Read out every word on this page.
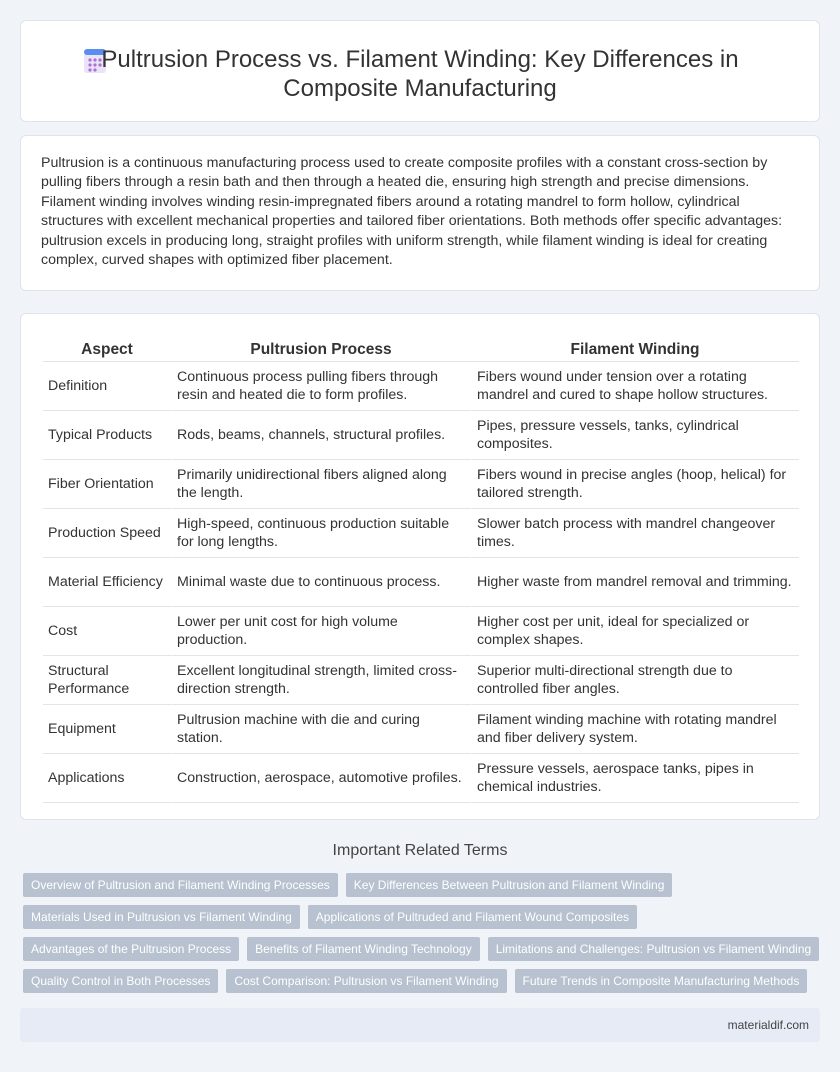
Pultrusion Process vs. Filament Winding: Key Differences in Composite Manufacturing

Pultrusion is a continuous manufacturing process used to create composite profiles with a constant cross-section by pulling fibers through a resin bath and then through a heated die, ensuring high strength and precise dimensions. Filament winding involves winding resin-impregnated fibers around a rotating mandrel to form hollow, cylindrical structures with excellent mechanical properties and tailored fiber orientations. Both methods offer specific advantages: pultrusion excels in producing long, straight profiles with uniform strength, while filament winding is ideal for creating complex, curved shapes with optimized fiber placement.

Aspect	Pultrusion Process	Filament Winding
Definition	Continuous process pulling fibers through resin and heated die to form profiles.	Fibers wound under tension over a rotating mandrel and cured to shape hollow structures.
Typical Products	Rods, beams, channels, structural profiles.	Pipes, pressure vessels, tanks, cylindrical composites.
Fiber Orientation	Primarily unidirectional fibers aligned along the length.	Fibers wound in precise angles (hoop, helical) for tailored strength.
Production Speed	High-speed, continuous production suitable for long lengths.	Slower batch process with mandrel changeover times.
Material Efficiency	Minimal waste due to continuous process.	Higher waste from mandrel removal and trimming.
Cost	Lower per unit cost for high volume production.	Higher cost per unit, ideal for specialized or complex shapes.
Structural Performance	Excellent longitudinal strength, limited cross-direction strength.	Superior multi-directional strength due to controlled fiber angles.
Equipment	Pultrusion machine with die and curing station.	Filament winding machine with rotating mandrel and fiber delivery system.
Applications	Construction, aerospace, automotive profiles.	Pressure vessels, aerospace tanks, pipes in chemical industries.
Important Related Terms
Overview of Pultrusion and Filament Winding Processes	Key Differences Between Pultrusion and Filament Winding
Materials Used in Pultrusion vs Filament Winding	Applications of Pultruded and Filament Wound Composites
Advantages of the Pultrusion Process	Benefits of Filament Winding Technology	Limitations and Challenges: Pultrusion vs Filament Winding
Quality Control in Both Processes	Cost Comparison: Pultrusion vs Filament Winding	Future Trends in Composite Manufacturing Methods
materialdif.com
